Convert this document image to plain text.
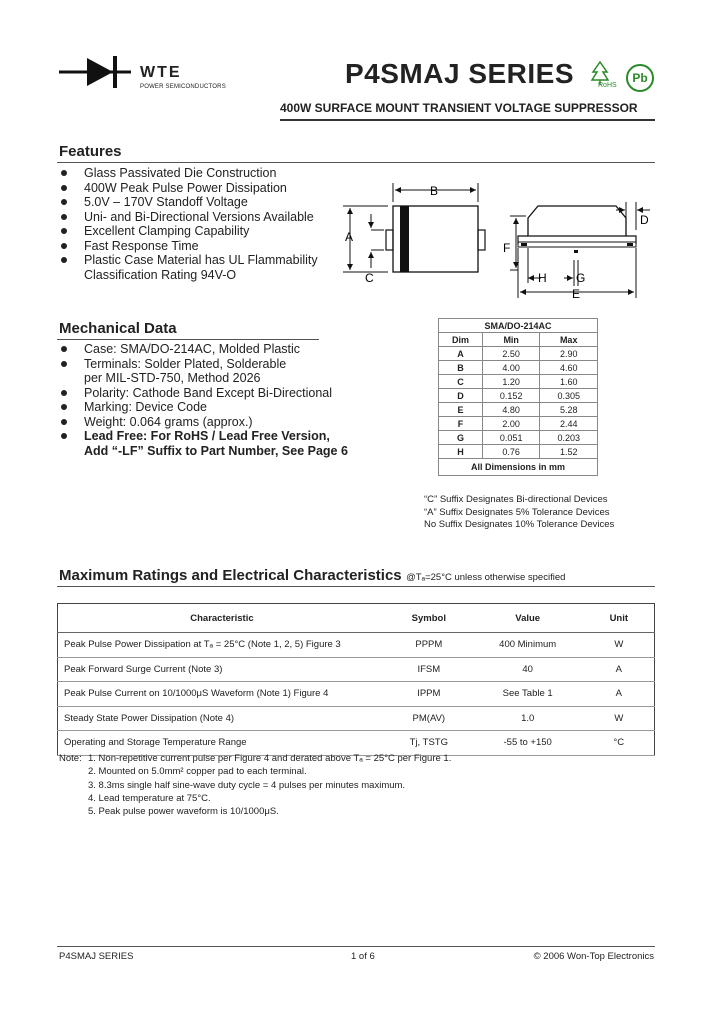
WTE
POWER SEMICONDUCTORS	P4SMAJ SERIES	RoHS
Pb
400W SURFACE MOUNT TRANSIENT VOLTAGE SUPPRESSOR
Features
Glass Passivated Die Construction
400W Peak Pulse Power Dissipation
5.0V – 170V Standoff Voltage
Uni- and Bi-Directional Versions Available
Excellent Clamping Capability
Fast Response Time
Plastic Case Material has UL Flammability
Classification Rating 94V-O
B
A
C
D
F
H G
E
Mechanical Data
Case: SMA/DO-214AC, Molded Plastic
Terminals: Solder Plated, Solderable
per MIL-STD-750, Method 2026
Polarity: Cathode Band Except Bi-Directional
Marking: Device Code
Weight: 0.064 grams (approx.)
Lead Free: For RoHS / Lead Free Version,
Add “-LF” Suffix to Part Number, See Page 6
SMA/DO-214AC		
Dim	Min	Max
A	2.50	2.90
B	4.00	4.60
C	1.20	1.60
D	0.152	0.305
E	4.80	5.28
F	2.00	2.44
G	0.051	0.203
H	0.76	1.52
All Dimensions in mm		
“C” Suffix Designates Bi-directional Devices
“A” Suffix Designates 5% Tolerance Devices
No Suffix Designates 10% Tolerance Devices
Maximum Ratings and Electrical Characteristics @Tₐ=25°C unless otherwise specified
Characteristic	Symbol	Value	Unit
Peak Pulse Power Dissipation at Tₐ = 25°C (Note 1, 2, 5) Figure 3	PPPM	400 Minimum	W
Peak Forward Surge Current (Note 3)	IFSM	40	A
Peak Pulse Current on 10/1000μS Waveform (Note 1) Figure 4	IPPM	See Table 1	A
Steady State Power Dissipation (Note 4)	PM(AV)	1.0	W
Operating and Storage Temperature Range	Tj, TSTG	-55 to +150	°C
Note: 1. Non-repetitive current pulse per Figure 4 and derated above Tₐ = 25°C per Figure 1.
2. Mounted on 5.0mm² copper pad to each terminal.
3. 8.3ms single half sine-wave duty cycle = 4 pulses per minutes maximum.
4. Lead temperature at 75°C.
5. Peak pulse power waveform is 10/1000μS.
P4SMAJ SERIES	1 of 6	© 2006 Won-Top Electronics
